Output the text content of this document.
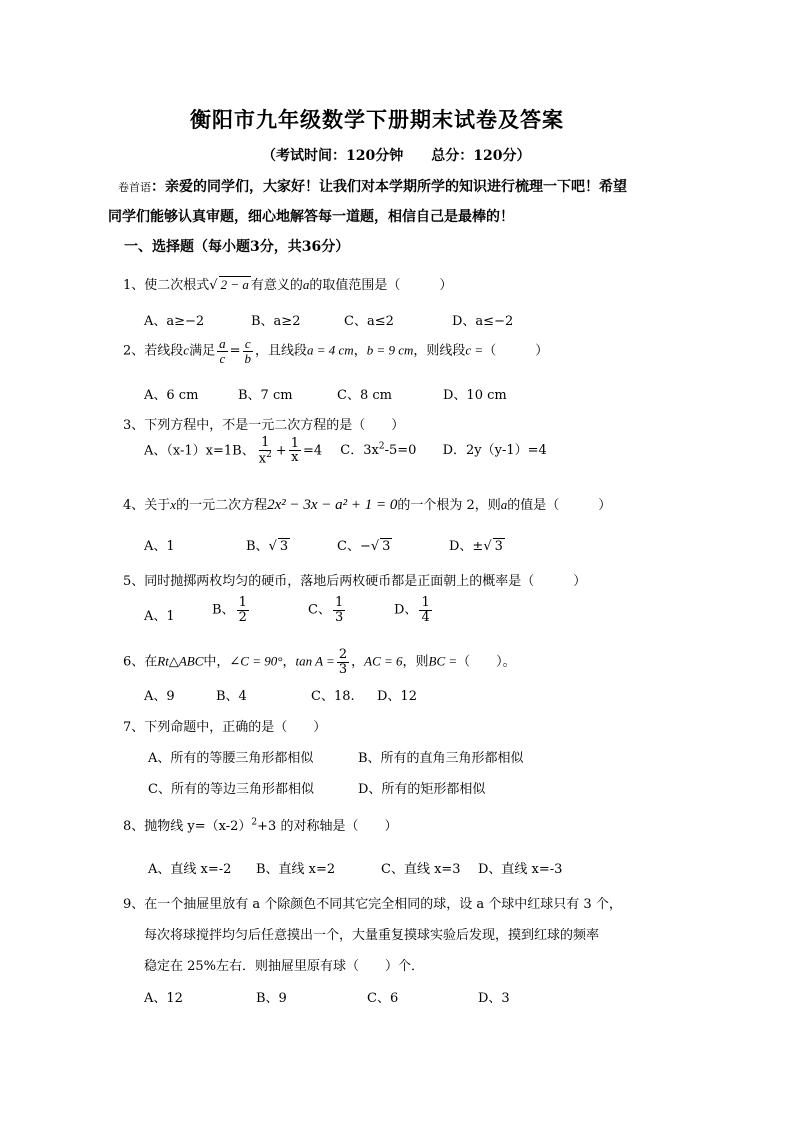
衡阳市九年级数学下册期末试卷及答案
（考试时间：120分钟　　总分：120分）
卷首语：亲爱的同学们，大家好！让我们对本学期所学的知识进行梳理一下吧！希望
同学们能够认真审题，细心地解答每一道题，相信自己是最棒的！
一、选择题（每小题3分，共36分）
1、使二次根式√ 2 − a 有意义的a的取值范围是（　　　）
A、a≥−2	B、a≥2	C、a≤2	D、a≤−2
2、若线段c满足 $\frac{a}{c} = \frac{c}{b}$ ，且线段a = 4 cm，b = 9 cm，则线段c =（　　　）
A、6 cm	B、7 cm	C、8 cm	D、10 cm
3、下列方程中，不是一元二次方程的是（　　）
A、（x-1）x=1B、 $\frac{1}{x^2} + \frac{1}{x} =4$ C．$3x^2-5=0$ D．2y（y-1）=4
4、关于x的一元二次方程2x² − 3x − a² + 1 = 0的一个根为 2，则a的值是（　　　）
A、1	B、√ 3	C、−√ 3	D、±√ 3
5、同时抛掷两枚均匀的硬币，落地后两枚硬币都是正面朝上的概率是（　　　）
A、1	B、 $\frac{1}{2}$	C、 $\frac{1}{3}$	D、 $\frac{1}{4}$
6、在Rt△ABC中，∠C = 90°，$\tan A = \frac{2}{3}$ ，AC = 6，则BC =（　　）。
A、9	B、4	C、18. D、12
7、下列命题中，正确的是（　　）
A、所有的等腰三角形都相似	B、所有的直角三角形都相似
C、所有的等边三角形都相似	D、所有的矩形都相似
8、抛物线 $y=(x-2)^2+3$ 的对称轴是（　　）
A、直线 x=-2 B、直线 x=2	C、直线 x=3 D、直线 x=-3
9、在一个抽屉里放有 a 个除颜色不同其它完全相同的球，设 a 个球中红球只有 3 个，
每次将球搅拌均匀后任意摸出一个，大量重复摸球实验后发现，摸到红球的频率
稳定在 25%左右．则抽屉里原有球（　　）个．
A、12	B、9	C、6	D、3
